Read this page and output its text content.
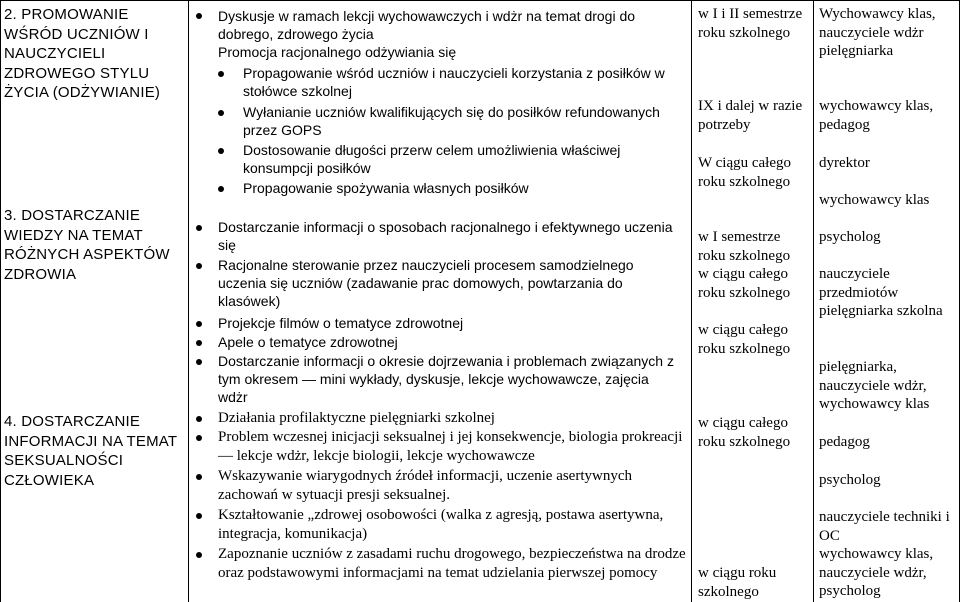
2. PROMOWANIE WŚRÓD UCZNIÓW I NAUCZYCIELI ZDROWEGO STYLU ŻYCIA (ODŻYWIANIE)
3. DOSTARCZANIE WIEDZY NA TEMAT RÓŻNYCH ASPEKTÓW ZDROWIA
4. DOSTARCZANIE INFORMACJI NA TEMAT SEKSUALNOŚCI CZŁOWIEKA
Dyskusje w ramach lekcji wychowawczych i wdżr na temat drogi do dobrego, zdrowego życia
Promocja racjonalnego odżywiania się
Propagowanie wśród uczniów i nauczycieli korzystania z posiłków w stołówce szkolnej
Wyłanianie uczniów kwalifikujących się do posiłków refundowanych przez GOPS
Dostosowanie długości przerw celem umożliwienia właściwej konsumpcji posiłków
Propagowanie spożywania własnych posiłków
Dostarczanie informacji o sposobach racjonalnego i efektywnego uczenia się
Racjonalne sterowanie przez nauczycieli procesem samodzielnego uczenia się uczniów (zadawanie prac domowych, powtarzania do klasówek)
Projekcje filmów o tematyce zdrowotnej
Apele o tematyce zdrowotnej
Dostarczanie informacji o okresie dojrzewania i problemach związanych z tym okresem — mini wykłady, dyskusje, lekcje wychowawcze, zajęcia wdżr
Działania profilaktyczne pielęgniarki szkolnej
Problem wczesnej inicjacji seksualnej i jej konsekwencje, biologia prokreacji — lekcje wdżr, lekcje biologii, lekcje wychowawcze
Wskazywanie wiarygodnych źródeł informacji, uczenie asertywnych zachowań w sytuacji presji seksualnej.
Kształtowanie „zdrowej osobowości (walka z agresją, postawa asertywna, integracja, komunikacja)
Zapoznanie uczniów z zasadami ruchu drogowego, bezpieczeństwa na drodze oraz podstawowymi informacjami na temat udzielania pierwszej pomocy
w I i II semestrze roku szkolnego
IX i dalej w razie potrzeby
W ciągu całego roku szkolnego
w I semestrze roku szkolnego
w ciągu całego roku szkolnego
w ciągu całego roku szkolnego
w ciągu całego roku szkolnego
w ciągu roku szkolnego
Wychowawcy klas, nauczyciele wdżr pielęgniarka
wychowawcy klas, pedagog
dyrektor
wychowawcy klas
psycholog
nauczyciele przedmiotów pielęgniarka szkolna
pielęgniarka, nauczyciele wdżr, wychowawcy klas
pedagog
psycholog
nauczyciele techniki i OC
wychowawcy klas, nauczyciele wdżr, psycholog
